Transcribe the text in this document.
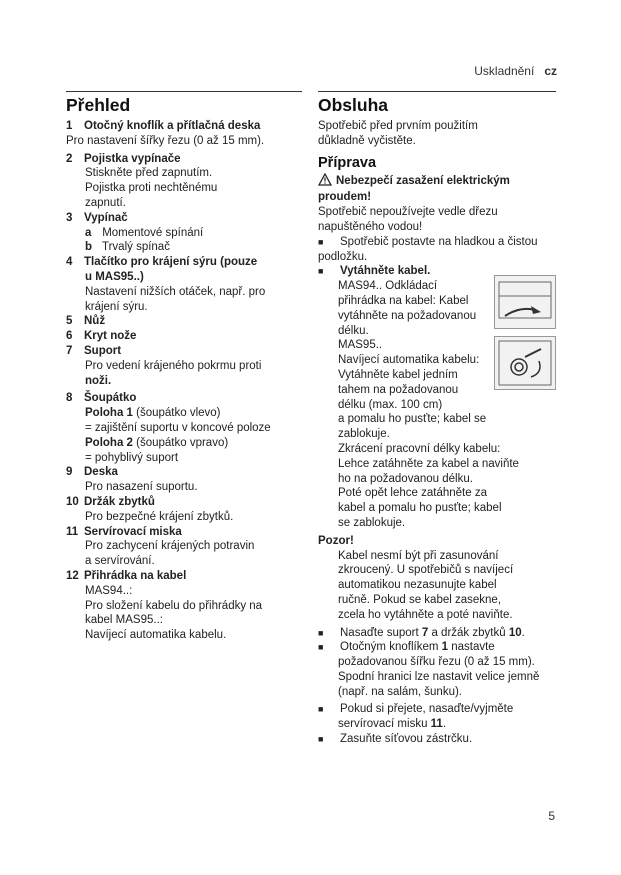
Uskladnění cz
Přehled

1 Otočný knoflík a přítlačná deska

Pro nastavení šířky řezu (0 až 15 mm).

2 Pojistka vypínače

Stiskněte před zapnutím.

Pojistka proti nechtěnému

zapnutí.

3 Vypínač

a Momentové spínání

b Trvalý spínač

4 Tlačítko pro krájení sýru (pouze

u MAS95..)

Nastavení nižších otáček, např. pro

krájení sýru.

5 Nůž

6 Kryt nože

7 Suport

Pro vedení krájeného pokrmu proti

noži.

8 Šoupátko

Poloha 1 (šoupátko vlevo)

= zajištění suportu v koncové poloze

Poloha 2 (šoupátko vpravo)

= pohyblivý suport

9 Deska

Pro nasazení suportu.

10 Držák zbytků

Pro bezpečné krájení zbytků.

11 Servírovací miska

Pro zachycení krájených potravin

a servírování.

12 Přihrádka na kabel

MAS94..:

Pro složení kabelu do přihrádky na

kabel MAS95..:

Navíjecí automatika kabelu.

Obsluha

Spotřebič před prvním použitím

důkladně vyčistěte.

Příprava

Nebezpečí zasažení elektrickým

proudem!

Spotřebič nepoužívejte vedle dřezu

napuštěného vodou!

■ Spotřebič postavte na hladkou a čistou

podložku.

■ Vytáhněte kabel.

MAS94.. Odkládací

přihrádka na kabel: Kabel

vytáhněte na požadovanou

délku.

MAS95..

Navíjecí automatika kabelu:

Vytáhněte kabel jedním

tahem na požadovanou

délku (max. 100 cm)

a pomalu ho pusťte; kabel se

zablokuje.

Zkrácení pracovní délky kabelu:

Lehce zatáhněte za kabel a naviňte

ho na požadovanou délku.

Poté opět lehce zatáhněte za

kabel a pomalu ho pusťte; kabel

se zablokuje.

Pozor!

Kabel nesmí být při zasunování

zkroucený. U spotřebičů s navíjecí

automatikou nezasunujte kabel

ručně. Pokud se kabel zasekne,

zcela ho vytáhněte a poté naviňte.

■ Nasaďte suport 7 a držák zbytků 10.

■ Otočným knoflíkem 1 nastavte

požadovanou šířku řezu (0 až 15 mm).

Spodní hranici lze nastavit velice jemně

(např. na salám, šunku).

■ Pokud si přejete, nasaďte/vyjměte

servírovací misku 11.

■ Zasuňte síťovou zástrčku.

5
